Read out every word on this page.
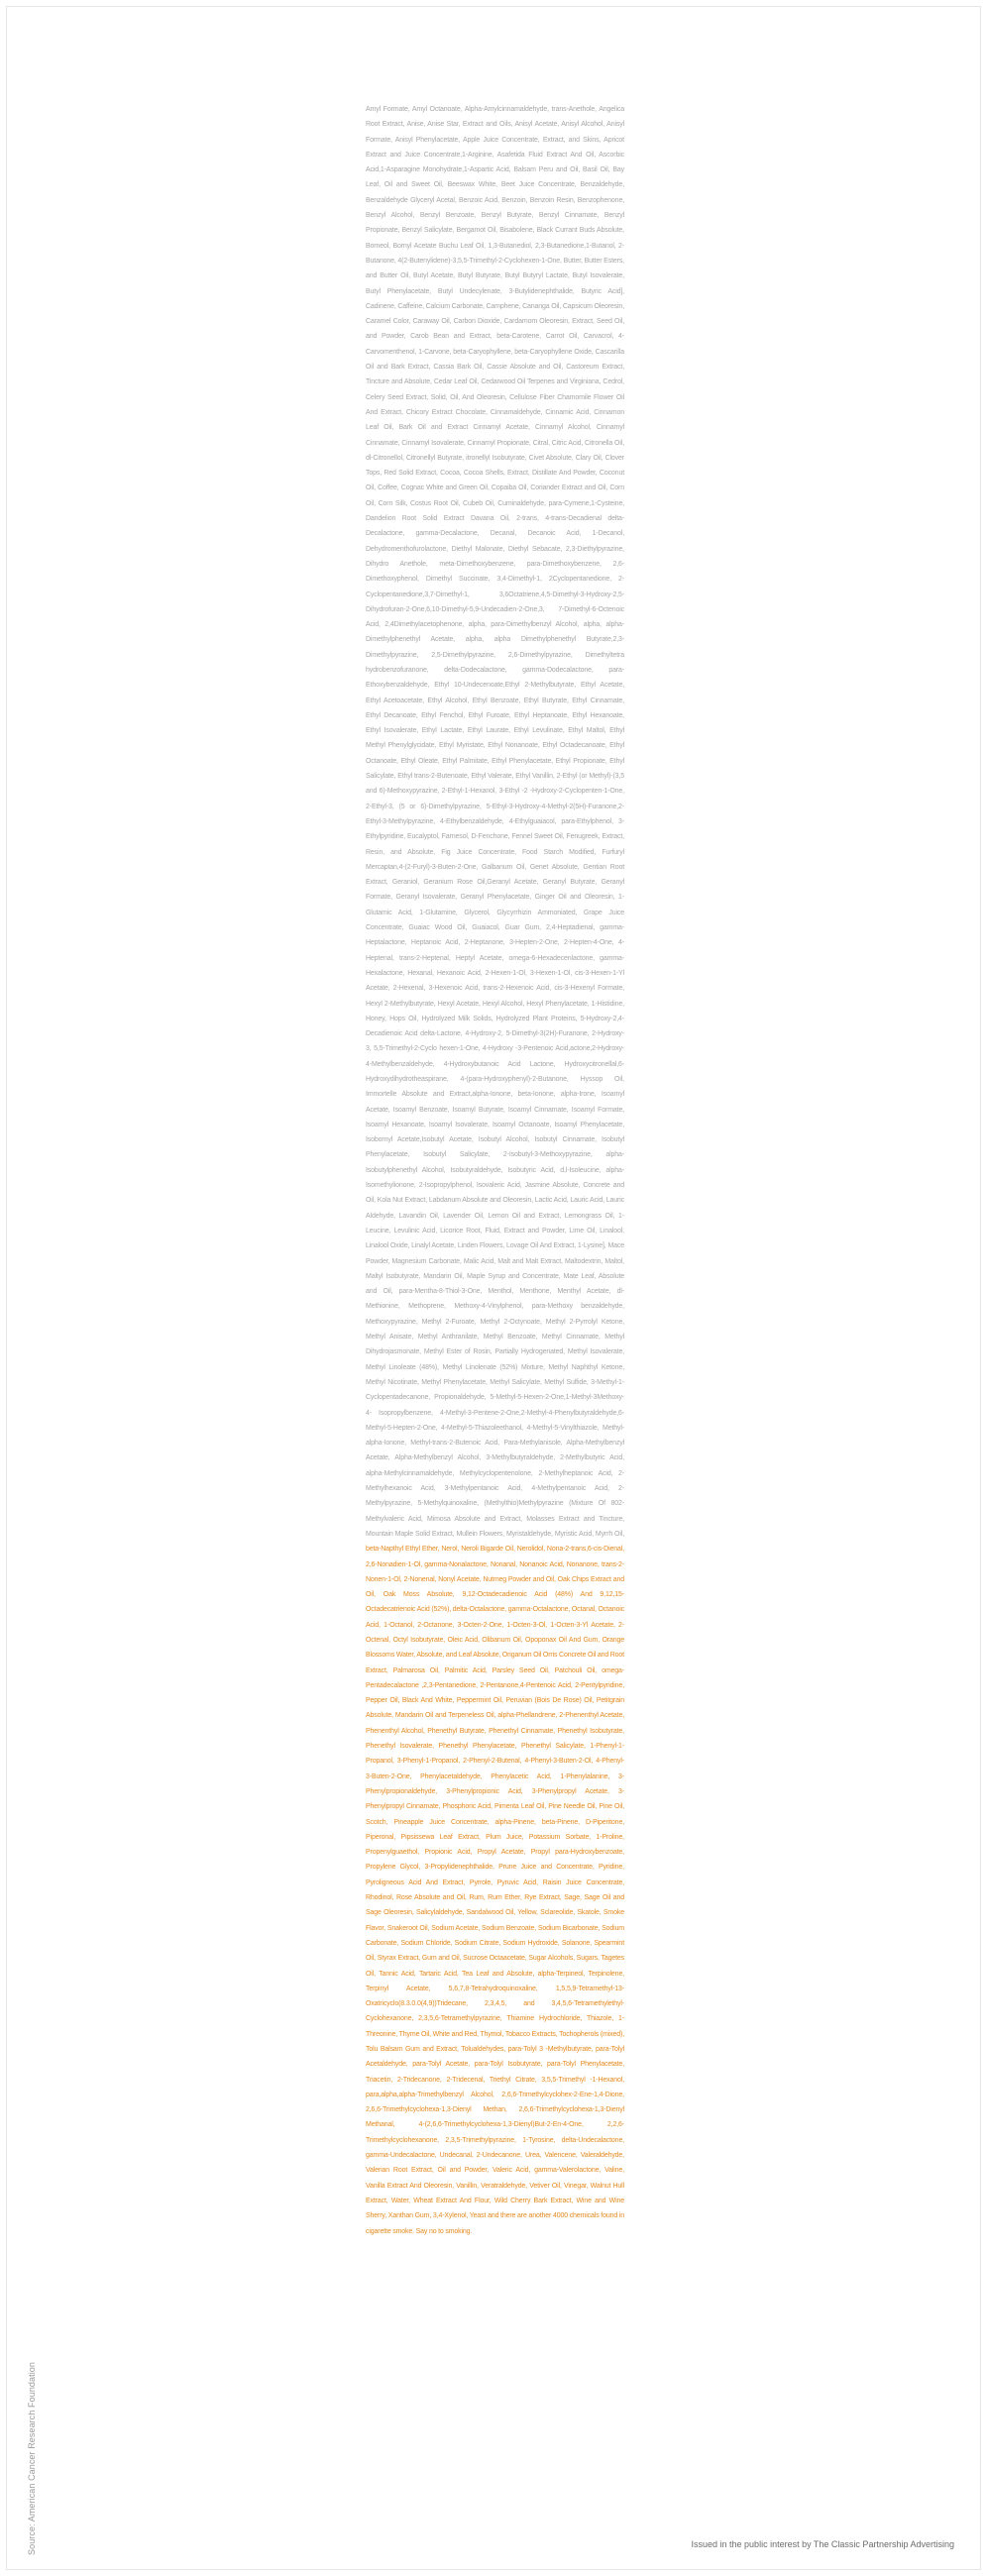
Amyl Formate, Amyl Octanoate, Alpha-Amylcinnamaldehyde, trans-Anethole, Angelica Root Extract, Anise, Anise Star, Extract and Oils, Anisyl Acetate, Anisyl Alcohol, Anisyl Formate, Anisyl Phenylacetate, Apple Juice Concentrate, Extract, and Skins, Apricot Extract and Juice Concentrate,1-Arginine, Asafetida Fluid Extract And Oil, Ascorbic Acid,1-Asparagine Monohydrate,1-Aspartic Acid, Balsam Peru and Oil, Basil Oil, Bay Leaf, Oil and Sweet Oil, Beeswax White, Beet Juice Concentrate, Benzaldehyde, Benzaldehyde Glyceryl Acetal, Benzoic Acid, Benzoin, Benzoin Resin, Benzophenone, Benzyl Alcohol, Benzyl Benzoate, Benzyl Butyrate, Benzyl Cinnamate, Benzyl Propionate, Benzyl Salicylate, Bergamot Oil, Bisabolene, Black Currant Buds Absolute, Borneol, Bornyl Acetate Buchu Leaf Oil, 1,3-Butanediol, 2,3-Butanedione,1-Butanol, 2-Butanone, 4(2-Butenylidene)-3,5,5-Trimethyl-2-Cyclohexen-1-One, Butter, Butter Esters, and Butter Oil, Butyl Acetate, Butyl Butyrate, Butyl Butyryl Lactate, Butyl Isovalerate, Butyl Phenylacetate, Butyl Undecylenate, 3-Butylidenephthalide, Butyric Acid], Cadinene, Caffeine, Calcium Carbonate, Camphene, Cananga Oil, Capsicum Oleoresin, Caramel Color, Caraway Oil, Carbon Dioxide, Cardamom Oleoresin, Extract, Seed Oil, and Powder, Carob Bean and Extract, beta-Carotene, Carrot Oil, Carvacrol, 4-Carvomenthenol, 1-Carvone, beta-Caryophyllene, beta-Caryophyllene Oxide, Cascarilla Oil and Bark Extract, Cassia Bark Oil, Cassie Absolute and Oil, Castoreum Extract, Tincture and Absolute, Cedar Leaf Oil, Cedarwood Oil Terpenes and Virginiana, Cedrol, Celery Seed Extract, Solid, Oil, And Oleoresin, Cellulose Fiber Chamomile Flower Oil And Extract, Chicory Extract Chocolate, Cinnamaldehyde, Cinnamic Acid, Cinnamon Leaf Oil, Bark Oil and Extract Cinnamyl Acetate, Cinnamyl Alcohol, Cinnamyl Cinnamate, Cinnamyl Isovalerate, Cinnamyl Propionate, Citral, Citric Acid, Citronella Oil, dl-Citronellol, Citronellyl Butyrate, itronellyl Isobutyrate, Civet Absolute, Clary Oil, Clover Tops, Red Solid Extract, Cocoa, Cocoa Shells, Extract, Distillate And Powder, Coconut Oil, Coffee, Cognac White and Green Oil, Copaiba Oil, Coriander Extract and Oil, Corn Oil, Corn Silk, Costus Root Oil, Cubeb Oil, Cuminaldehyde, para-Cymene,1-Cysteine, Dandelion Root Solid Extract Davana Oil, 2-trans, 4-trans-Decadienal delta-Decalactone, gamma-Decalactone, Decanal, Decanoic Acid, 1-Decanol, Dehydromenthofurolactone, Diethyl Malonate, Diethyl Sebacate, 2,3-Diethylpyrazine, Dihydro Anethole, meta-Dimethoxybenzene, para-Dimethoxybenzene, 2,6-Dimethoxyphenol, Dimethyl Succinate, 3,4-Dimethyl-1, 2Cyclopentanedione, 2-Cyclopentanedione,3,7-Dimethyl-1, 3,6Octatriene,4,5-Dimethyl-3-Hydroxy-2,5-Dihydrofuran-2-One,6,10-Dimethyl-5,9-Undecadien-2-One,3, 7-Dimethyl-6-Octenoic Acid, 2,4Dimethylacetophenone, alpha, para-Dimethylbenzyl Alcohol, alpha, alpha-Dimethylphenethyl Acetate, alpha, alpha Dimethylphenethyl Butyrate,2,3- Dimethylpyrazine, 2,5-Dimethylpyrazine, 2,6-Dimethylpyrazine, Dimethyltetra hydrobenzofuranone, delta-Dodecalactone, gamma-Dodecalactone, para-Ethoxybenzaldehyde, Ethyl 10-Undecenoate,Ethyl 2-Methylbutyrate, Ethyl Acetate, Ethyl Acetoacetate, Ethyl Alcohol, Ethyl Benzoate, Ethyl Butyrate, Ethyl Cinnamate, Ethyl Decanoate, Ethyl Fenchol, Ethyl Furoate, Ethyl Heptanoate, Ethyl Hexanoate, Ethyl Isovalerate, Ethyl Lactate, Ethyl Laurate, Ethyl Levulinate, Ethyl Maltol, Ethyl Methyl Phenylglycidate, Ethyl Myristate, Ethyl Nonanoate, Ethyl Octadecanoate, Ethyl Octanoate, Ethyl Oleate, Ethyl Palmitate, Ethyl Phenylacetate, Ethyl Propionate, Ethyl Salicylate, Ethyl trans-2-Butenoate, Ethyl Valerate, Ethyl Vanillin, 2-Ethyl (or Methyl)-(3,5 and 6)-Methoxypyrazine, 2-Ethyl-1-Hexanol, 3-Ethyl -2 -Hydroxy-2-Cyclopenten-1-One, 2-Ethyl-3, (5 or 6)-Dimethylpyrazine, 5-Ethyl-3-Hydroxy-4-Methyl-2(5H)-Furanone,2-Ethyl-3-Methylpyrazine, 4-Ethylbenzaldehyde, 4-Ethylguaiacol, para-Ethylphenol, 3-Ethylpyridine, Eucalyptol, Farnesol, D-Fenchone, Fennel Sweet Oil, Fenugreek, Extract, Resin, and Absolute, Fig Juice Concentrate, Food Starch Modified, Furfuryl Mercaptan,4-(2-Furyl)-3-Buten-2-One, Galbanum Oil, Genet Absolute, Gentian Root Extract, Geraniol, Geranium Rose Oil,Geranyl Acetate, Geranyl Butyrate, Geranyl Formate, Geranyl Isovalerate, Geranyl Phenylacetate, Ginger Oil and Oleoresin, 1-Glutamic Acid, 1-Glutamine, Glycerol, Glycyrrhizin Ammoniated, Grape Juice Concentrate, Guaiac Wood Oil, Guaiacol, Guar Gum, 2,4-Heptadienal, gamma-Heptalactone, Heptanoic Acid, 2-Heptanone, 3-Hepten-2-One, 2-Hepten-4-One, 4-Heptenal, trans-2-Heptenal, Heptyl Acetate, omega-6-Hexadecenlactone, gamma-Hexalactone, Hexanal, Hexanoic Acid, 2-Hexen-1-Ol, 3-Hexen-1-Ol, cis-3-Hexen-1-Yl Acetate, 2-Hexenal, 3-Hexenoic Acid, trans-2-Hexenoic Acid, cis-3-Hexenyl Formate, Hexyl 2-Methylbutyrate, Hexyl Acetate, Hexyl Alcohol, Hexyl Phenylacetate, 1-Histidine, Honey, Hops Oil, Hydrolyzed Milk Solids, Hydrolyzed Plant Proteins, 5-Hydroxy-2,4-Decadienoic Acid delta-Lactone, 4-Hydroxy-2, 5-Dimethyl-3(2H)-Furanone, 2-Hydroxy-3, 5,5-Trimethyl-2-Cyclo hexen-1-One, 4-Hydroxy -3-Pentenoic Acid,actone,2-Hydroxy-4-Methylbenzaldehyde, 4-Hydroxybutanoic Acid Lactone, Hydroxycitronellal,6-Hydroxydihydrotheaspirane, 4-(para-Hydroxyphenyl)-2-Butanone, Hyssop Oil, Immortelle Absolute and Extract,alpha-Ionone, beta-Ionone, alpha-Irone, Isoamyl Acetate, Isoamyl Benzoate, Isoamyl Butyrate, Isoamyl Cinnamate, Isoamyl Formate, Isoamyl Hexanoate, Isoamyl Isovalerate, Isoamyl Octanoate, Isoamyl Phenylacetate, Isobornyl Acetate,Isobutyl Acetate, Isobutyl Alcohol, Isobutyl Cinnamate, Isobutyl Phenylacetate, Isobutyl Salicylate, 2-Isobutyl-3-Methoxypyrazine, alpha-Isobutylphenethyl Alcohol, Isobutyraldehyde, Isobutyric Acid, d,l-Isoleucine, alpha-Isomethylionone, 2-Isopropylphenol, Isovaleric Acid, Jasmine Absolute, Concrete and Oil, Kola Nut Extract, Labdanum Absolute and Oleoresin, Lactic Acid, Lauric Acid, Lauric Aldehyde, Lavandin Oil, Lavender Oil, Lemon Oil and Extract, Lemongrass Oil, 1-Leucine, Levulinic Acid, Licorice Root, Fluid, Extract and Powder, Lime Oil, Linalool, Linalool Oxide, Linalyl Acetate, Linden Flowers, Lovage Oil And Extract, 1-Lysine], Mace Powder, Magnesium Carbonate, Malic Acid, Malt and Malt Extract, Maltodextrin, Maltol, Maltyl Isobutyrate, Mandarin Oil, Maple Syrup and Concentrate, Mate Leaf, Absolute and Oil, para-Mentha-8-Thiol-3-One, Menthol, Menthone, Menthyl Acetate, dl-Methionine, Methoprene, Methoxy-4-Vinylphenol, para-Methoxy benzaldehyde, Methoxypyrazine, Methyl 2-Furoate, Methyl 2-Octynoate, Methyl 2-Pyrrolyl Ketone, Methyl Anisate, Methyl Anthranilate, Methyl Benzoate, Methyl Cinnamate, Methyl Dihydrojasmonate, Methyl Ester of Rosin, Partially Hydrogenated, Methyl Isovalerate, Methyl Linoleate (48%), Methyl Linolenate (52%) Mixture, Methyl Naphthyl Ketone, Methyl Nicotinate, Methyl Phenylacetate, Methyl Salicylate, Methyl Sulfide, 3-Methyl-1-Cyclopentadecanone, Propionaldehyde, 5-Methyl-5-Hexen-2-One,1-Methyl-3Methoxy-4- Isopropylbenzene, 4-Methyl-3-Pentene-2-One,2-Methyl-4-Phenylbutyraldehyde,6-Methyl-5-Hepten-2-One, 4-Methyl-5-Thiazoleethanol, 4-Methyl-5-Vinylthiazole, Methyl-alpha-Ionone, Methyl-trans-2-Butenoic Acid, Para-Methylanisole, Alpha-Methylbenzyl Acetate, Alpha-Methylbenzyl Alcohol, 3-Methylbutyraldehyde, 2-Methylbutyric Acid, alpha-Methylcinnamaldehyde, Methylcyclopentenolone, 2-Methylheptanoic Acid, 2-Methylhexanoic Acid, 3-Methylpentanoic Acid, 4-Methylpentanoic Acid, 2-Methylpyrazine, 5-Methylquinoxaline, (Methylthio)Methylpyrazine (Mixture Of 802-Methylvaleric Acid, Mimosa Absolute and Extract, Molasses Extract and Tincture, Mountain Maple Solid Extract, Mullein Flowers, Myristaldehyde, Myristic Acid, Myrrh Oil, beta-Napthyl Ethyl Ether, Nerol, Neroli Bigarde Oil, Nerolidol, Nona-2-trans,6-cis-Dienal, 2,6-Nonadien-1-Ol, gamma-Nonalactone, Nonanal, Nonanoic Acid, Nonanone, trans-2-Nonen-1-Ol, 2-Nonenal, Nonyl Acetate, Nutmeg Powder and Oil, Oak Chips Extract and Oil, Oak Moss Absolute, 9,12-Octadecadienoic Acid (48%) And 9,12,15-Octadecatrienoic Acid (52%), delta-Octalactone, gamma-Octalactone, Octanal, Octanoic Acid, 1-Octanol, 2-Octanone, 3-Octen-2-One, 1-Octen-3-Ol, 1-Octen-3-Yl Acetate, 2-Octenal, Octyl Isobutyrate, Oleic Acid, Olibanum Oil, Opoponax Oil And Gum, Orange Blossoms Water, Absolute, and Leaf Absolute, Origanum Oil Orris Concrete Oil and Root Extract, Palmarosa Oil, Palmitic Acid, Parsley Seed Oil, Patchouli Oil, omega-Pentadecalactone ,2,3-Pentanedione, 2-Pentanone,4-Pentenoic Acid, 2-Pentylpyridine, Pepper Oil, Black And White, Peppermint Oil, Peruvian (Bois De Rose) Oil, Petitgrain Absolute, Mandarin Oil and Terpeneless Oil, alpha-Phellandrene, 2-Phenenthyl Acetate, Phenenthyl Alcohol, Phenethyl Butyrate, Phenethyl Cinnamate, Phenethyl Isobutyrate, Phenethyl Isovalerate, Phenethyl Phenylacetate, Phenethyl Salicylate, 1-Phenyl-1-Propanol, 3-Phenyl-1-Propanol, 2-Phenyl-2-Butenal, 4-Phenyl-3-Buten-2-Ol, 4-Phenyl-3-Buten-2-One, Phenylacetaldehyde, Phenylacetic Acid, 1-Phenylalanine, 3-Phenylpropionaldehyde, 3-Phenylpropionic Acid, 3-Phenylpropyl Acetate, 3-Phenylpropyl Cinnamate, Phosphoric Acid, Pimenta Leaf Oil, Pine Needle Oil, Pine Oil, Scotch, Pineapple Juice Concentrate, alpha-Pinene, beta-Pinene, D-Piperitone, Piperonal, Pipsissewa Leaf Extract, Plum Juice, Potassium Sorbate, 1-Proline, Propenylguaethol, Propionic Acid, Propyl Acetate, Propyl para-Hydroxybenzoate, Propylene Glycol, 3-Propylidenephthalide, Prune Juice and Concentrate, Pyridine, Pyroligneous Acid And Extract, Pyrrole, Pyruvic Acid, Raisin Juice Concentrate, Rhodinol, Rose Absolute and Oil, Rum, Rum Ether, Rye Extract, Sage, Sage Oil and Sage Oleoresin, Salicylaldehyde, Sandalwood Oil, Yellow, Sclareolide, Skatole, Smoke Flavor, Snakeroot Oil, Sodium Acetate, Sodium Benzoate, Sodium Bicarbonate, Sodium Carbonate, Sodium Chloride, Sodium Citrate, Sodium Hydroxide, Solanone, Spearmint Oil, Styrax Extract, Gum and Oil, Sucrose Octaacetate, Sugar Alcohols, Sugars, Tagetes Oil, Tannic Acid, Tartaric Acid, Tea Leaf and Absolute, alpha-Terpineol, Terpinolene, Terpinyl Acetate, 5,6,7,8-Tetrahydroquinoxaline, 1,5,5,9-Tetramethyl-13-Oxatricyclo(8.3.0.0(4,9))Tridecane, 2,3,4,5, and 3,4,5,6-Tetramethylethyl-Cyclohexanone, 2,3,5,6-Tetramethylpyrazine, Thiamine Hydrochloride, Thiazole, 1-Threonine, Thyme Oil, White and Red, Thymol, Tobacco Extracts, Tochopherols (mixed), Tolu Balsam Gum and Extract, Tolualdehydes, para-Tolyl 3 -Methylbutyrate, para-Tolyl Acetaldehyde, para-Tolyl Acetate, para-Tolyl Isobutyrate, para-Tolyl Phenylacetate, Triacetin, 2-Tridecanone, 2-Tridecenal, Triethyl Citrate, 3,5,5-Trimethyl -1-Hexanol, para,alpha,alpha-Trimethylbenzyl Alcohol, 2,6,6-Trimethylcyclohex-2-Ene-1,4-Dione, 2,6,6-Trimethylcyclohexa-1,3-Dienyl Methan, 2,6,6-Trimethylcyclohexa-1,3-Dienyl Methanal, 4-(2,6,6-Trimethylcyclohexa-1,3-Dienyl)But-2-En-4-One, 2,2,6-Trimethylcyclohexanone, 2,3,5-Trimethylpyrazine, 1-Tyrosine, delta-Undecalactone, gamma-Undecalactone, Undecanal, 2-Undecanone, Urea, Valencene, Valeraldehyde, Valerian Root Extract, Oil and Powder, Valeric Acid, gamma-Valerolactone, Valine, Vanilla Extract And Oleoresin, Vanillin, Veratraldehyde, Vetiver Oil, Vinegar, Walnut Hull Extract, Water, Wheat Extract And Flour, Wild Cherry Bark Extract, Wine and Wine Sherry, Xanthan Gum, 3,4-Xylenol, Yeast and there are another 4000 chemicals found in cigarette smoke. Say no to smoking.
Source: American Cancer Research Foundation	Issued in the public interest by The Classic Partnership Advertising
